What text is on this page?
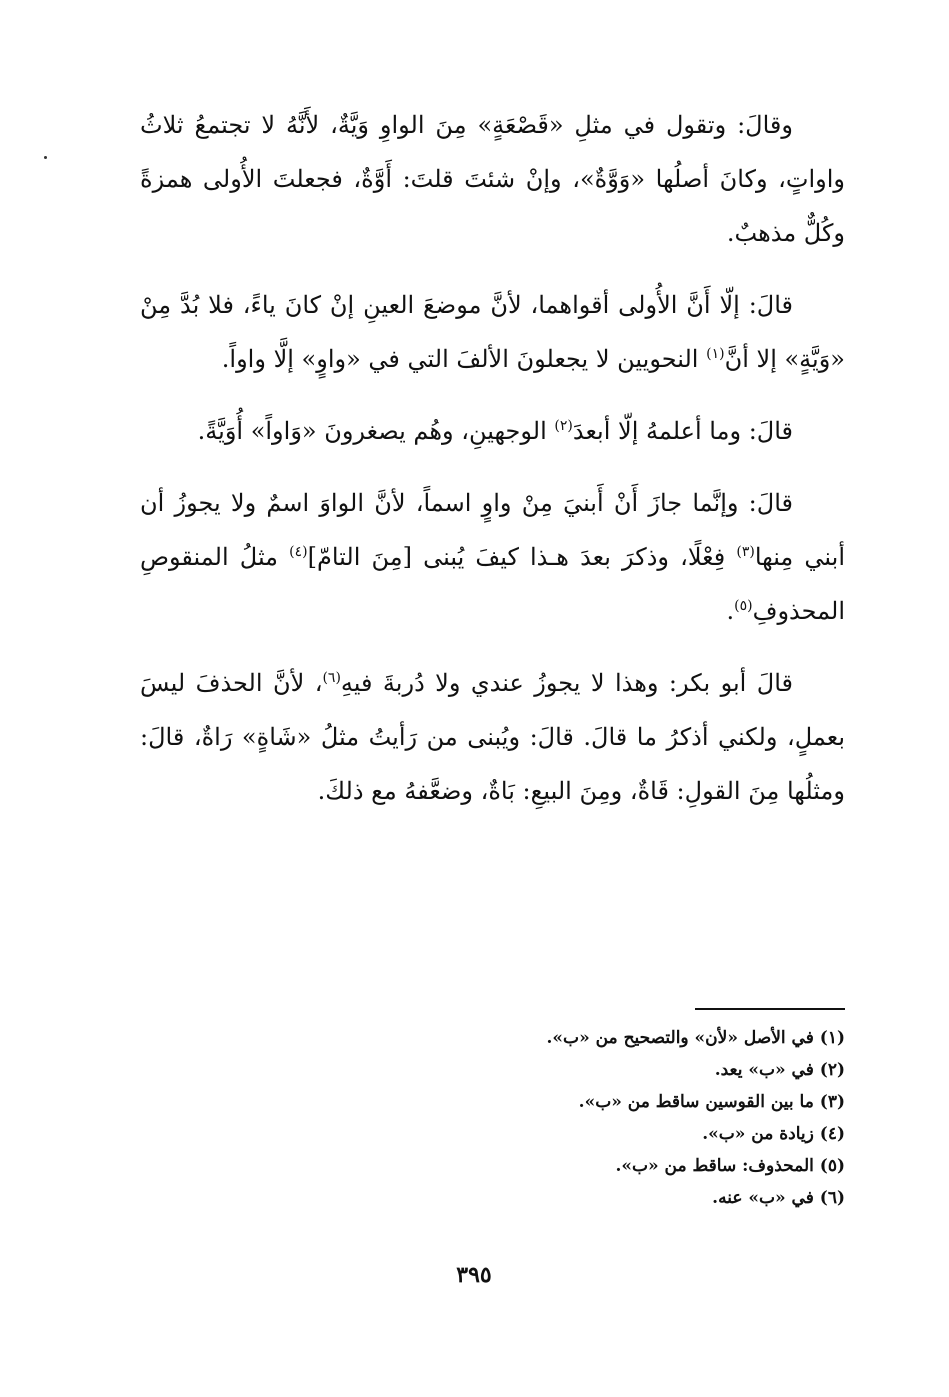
وقالَ: وتقول في مثلِ «قَصْعَةٍ» مِنَ الواوِ وَيَّةٌ، لأَنَّهُ لا تجتمعُ ثلاثُ واواتٍ، وكانَ أصلُها «وَوَّةٌ»، وإنْ شئتَ قلتَ: أَوَّةٌ، فجعلتَ الأُولى همزةً وكُلٌّ مذهبٌ.

قالَ: إلّا أَنَّ الأُولى أقواهما، لأنَّ موضعَ العينِ إنْ كانَ ياءً، فلا بُدَّ مِنْ «وَيَّةٍ» إلا أنَّ$^{(١)}$ النحويين لا يجعلونَ الألفَ التي في «واوٍ» إلَّا واواً.

قالَ: وما أعلمهُ إلّا أبعدَ$^{(٢)}$ الوجهينِ، وهُم يصغرونَ «وَاواً» أُوَيَّةً.

قالَ: وإنَّما جازَ أَنْ أَبنيَ مِنْ واوٍ اسماً، لأنَّ الواوَ اسمٌ ولا يجوزُ أن أبني مِنها$^{(٣)}$ فِعْلًا، وذكرَ بعدَ هـذا كيفَ يُبنى [مِنَ التامّ]$^{(٤)}$ مثلُ المنقوصِ المحذوفِ$^{(٥)}$.

قالَ أبو بكر: وهذا لا يجوزُ عندي ولا دُربةَ فيهِ$^{(٦)}$، لأنَّ الحذفَ ليسَ بعملٍ، ولكني أذكرُ ما قالَ. قالَ: ويُبنى من رَأيتُ مثلُ «شَاةٍ» رَاةٌ، قالَ: ومثلُها مِنَ القولِ: قَاةٌ، ومِنَ البيعِ: بَاةٌ، وضعَّفهُ مع ذلكَ.

(١) في الأصل «لأن» والتصحيح من «ب».
(٢) في «ب» يعد.
(٣) ما بين القوسين ساقط من «ب».
(٤) زيادة من «ب».
(٥) المحذوف: ساقط من «ب».
(٦) في «ب» عنه.
٣٩٥
